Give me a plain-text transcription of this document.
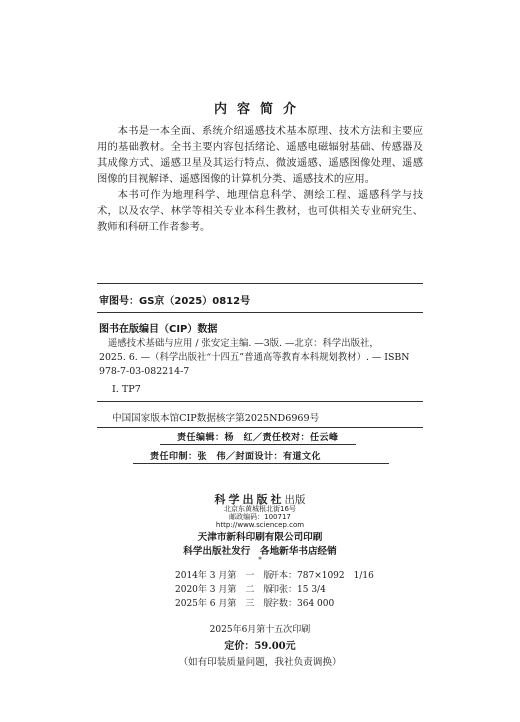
内容简介

本书是一本全面、系统介绍遥感技术基本原理、技术方法和主要应用的基础教材。全书主要内容包括绪论、遥感电磁辐射基础、传感器及其成像方式、遥感卫星及其运行特点、微波遥感、遥感图像处理、遥感图像的目视解译、遥感图像的计算机分类、遥感技术的应用。

本书可作为地理科学、地理信息科学、测绘工程、遥感科学与技术，以及农学、林学等相关专业本科生教材，也可供相关专业研究生、教师和科研工作者参考。

审图号：GS京（2025）0812号
图书在版编目（CIP）数据
遥感技术基础与应用 / 张安定主编. —3版. —北京：科学出版社，
2025. 6. —（科学出版社“十四五”普通高等教育本科规划教材）. — ISBN
978-7-03-082214-7
Ⅰ. TP7
中国国家版本馆CIP数据核字第2025ND6969号
责任编辑：杨　红／责任校对：任云峰
责任印制：张　伟／封面设计：有道文化
科学出版社出版
北京东黄城根北街16号
邮政编码：100717
http://www.sciencep.com
天津市新科印刷有限公司印刷
科学出版社发行　各地新华书店经销
*
2014年 3 月第　一　版开本：787×1092　1/16
2020年 3 月第　二　版印张：15 3/4
2025年 6 月第　三　版字数：364 000
2025年6月第十五次印刷
定价：59.00元
（如有印装质量问题，我社负责调换）
